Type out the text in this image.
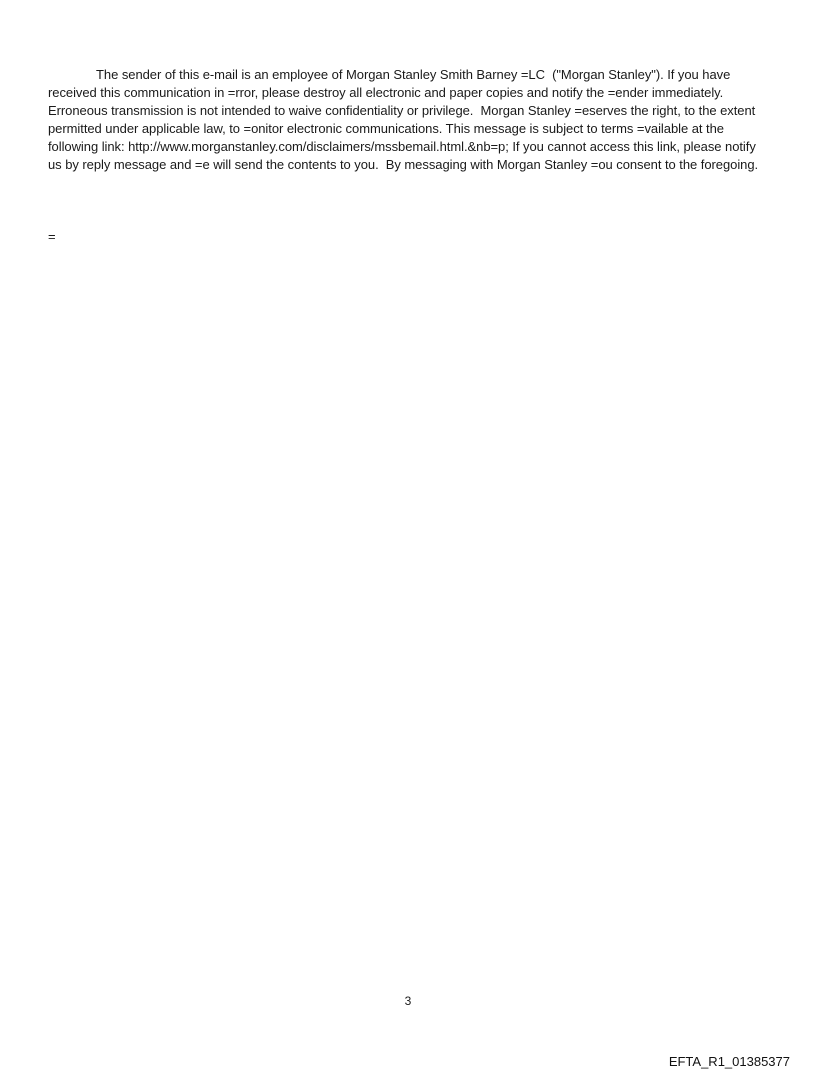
The sender of this e-mail is an employee of Morgan Stanley Smith Barney =LC  ("Morgan Stanley"). If you have received this communication in =rror, please destroy all electronic and paper copies and notify the =ender immediately. Erroneous transmission is not intended to waive confidentiality or privilege.  Morgan Stanley =eserves the right, to the extent permitted under applicable law, to =onitor electronic communications. This message is subject to terms =vailable at the following link: http://www.morganstanley.com/disclaimers/mssbemail.html.&nb=p; If you cannot access this link, please notify us by reply message and =e will send the contents to you.  By messaging with Morgan Stanley =ou consent to the foregoing.

=
3
EFTA_R1_01385377
